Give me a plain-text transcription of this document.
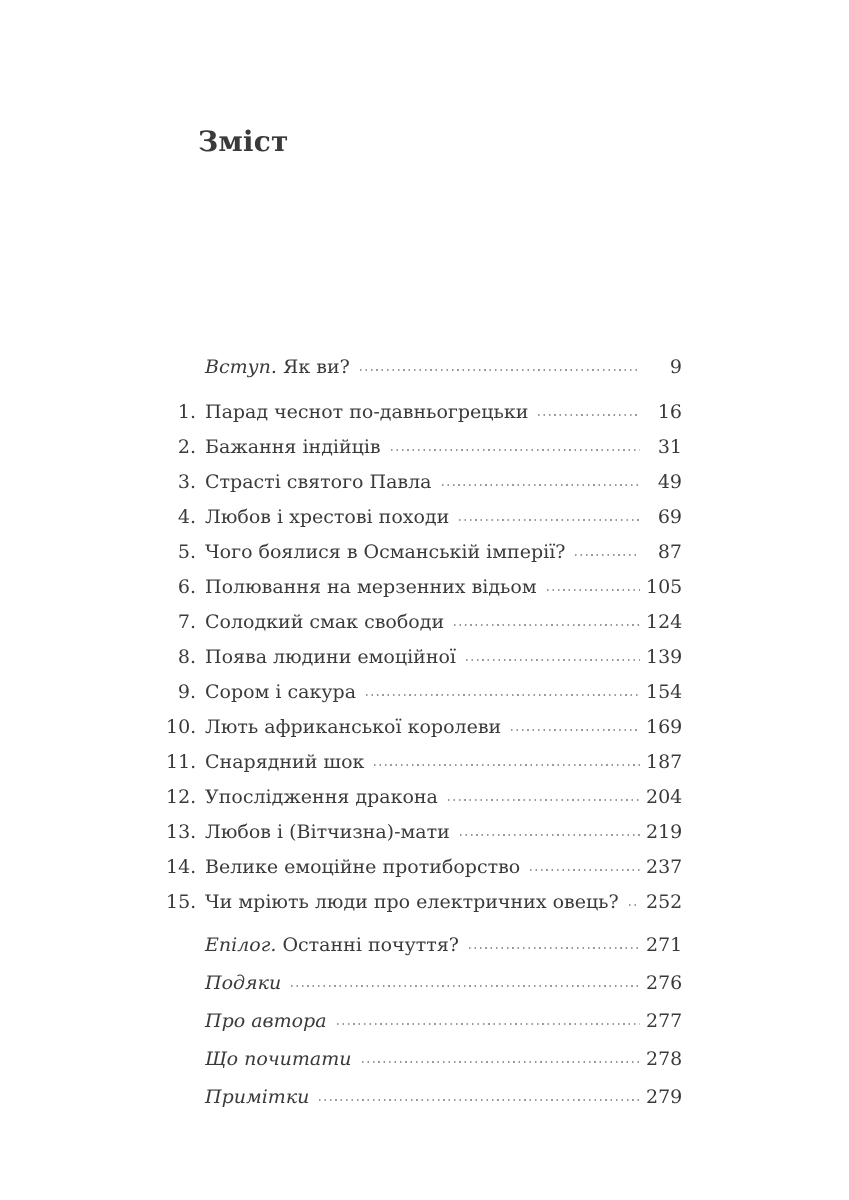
Зміст
Вступ. Як ви?	9
1. Парад чеснот по-давньогрецьки	16
2. Бажання індійців	31
3. Страсті святого Павла	49
4. Любов і хрестові походи	69
5. Чого боялися в Османській імперії?	87
6. Полювання на мерзенних відьом	105
7. Солодкий смак свободи	124
8. Поява людини емоційної	139
9. Сором і сакура	154
10. Лють африканської королеви	169
11. Снарядний шок	187
12. Упослідження дракона	204
13. Любов і (Вітчизна)-мати	219
14. Велике емоційне протиборство	237
15. Чи мріють люди про електричних овець? 252
Епілог. Останні почуття?	271
Подяки	276
Про автора	277
Що почитати	278
Примітки	279
